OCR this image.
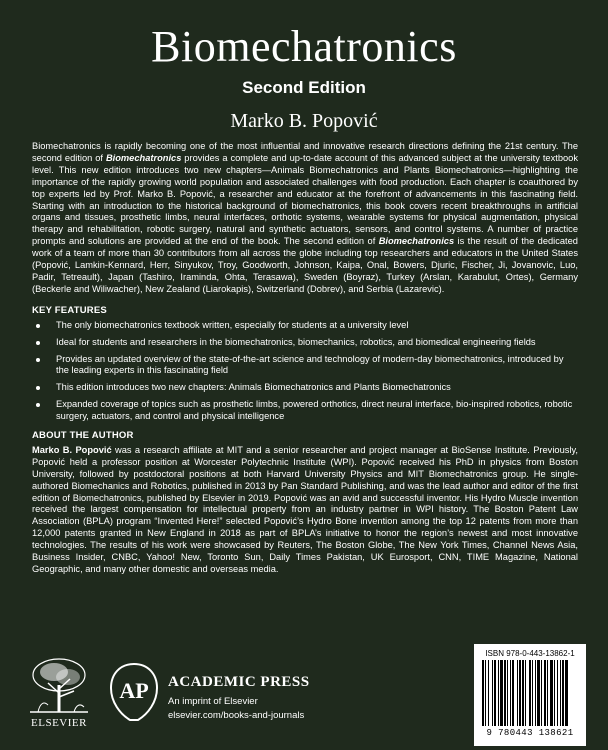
Biomechatronics
Second Edition
Marko B. Popović

Biomechatronics is rapidly becoming one of the most influential and innovative research directions defining the 21st century. The second edition of Biomechatronics provides a complete and up-to-date account of this advanced subject at the university textbook level. This new edition introduces two new chapters—Animals Biomechatronics and Plants Biomechatronics—highlighting the importance of the rapidly growing world population and associated challenges with food production. Each chapter is coauthored by top experts led by Prof. Marko B. Popović, a researcher and educator at the forefront of advancements in this fascinating field. Starting with an introduction to the historical background of biomechatronics, this book covers recent breakthroughs in artificial organs and tissues, prosthetic limbs, neural interfaces, orthotic systems, wearable systems for physical augmentation, physical therapy and rehabilitation, robotic surgery, natural and synthetic actuators, sensors, and control systems. A number of practice prompts and solutions are provided at the end of the book. The second edition of Biomechatronics is the result of the dedicated work of a team of more than 30 contributors from all across the globe including top researchers and educators in the United States (Popović, Lamkin-Kennard, Herr, Sinyukov, Troy, Goodworth, Johnson, Kaipa, Onal, Bowers, Djuric, Fischer, Ji, Jovanovic, Luo, Padir, Tetreault), Japan (Tashiro, Iraminda, Ohta, Terasawa), Sweden (Boyraz), Turkey (Arslan, Karabulut, Ortes), Germany (Beckerle and Wiliwacher), New Zealand (Liarokapis), Switzerland (Dobrev), and Serbia (Lazarevic).

KEY FEATURES
The only biomechatronics textbook written, especially for students at a university level
Ideal for students and researchers in the biomechatronics, biomechanics, robotics, and biomedical engineering fields
Provides an updated overview of the state-of-the-art science and technology of modern-day biomechatronics, introduced by the leading experts in this fascinating field
This edition introduces two new chapters: Animals Biomechatronics and Plants Biomechatronics
Expanded coverage of topics such as prosthetic limbs, powered orthotics, direct neural interface, bio-inspired robotics, robotic surgery, actuators, and control and physical intelligence
ABOUT THE AUTHOR

Marko B. Popović was a research affiliate at MIT and a senior researcher and project manager at BioSense Institute. Previously, Popović held a professor position at Worcester Polytechnic Institute (WPI). Popović received his PhD in physics from Boston University, followed by postdoctoral positions at both Harvard University Physics and MIT Biomechatronics group. He single-authored Biomechanics and Robotics, published in 2013 by Pan Standard Publishing, and was the lead author and editor of the first edition of Biomechatronics, published by Elsevier in 2019. Popović was an avid and successful inventor. His Hydro Muscle invention received the largest compensation for intellectual property from an industry partner in WPI history. The Boston Patent Law Association (BPLA) program “Invented Here!” selected Popović’s Hydro Bone invention among the top 12 patents from more than 12,000 patents granted in New England in 2018 as part of BPLA’s initiative to honor the region’s newest and most innovative technologies. The results of his work were showcased by Reuters, The Boston Globe, The New York Times, Channel News Asia, Business Insider, CNBC, Yahoo! New, Toronto Sun, Daily Times Pakistan, UK Eurosport, CNN, TIME Magazine, National Geographic, and many other domestic and overseas media.

ELSEVIER
AP ACADEMIC PRESS
An imprint of Elsevier
elsevier.com/books-and-journals
ISBN 978-0-443-13862-1
9 780443 138621
